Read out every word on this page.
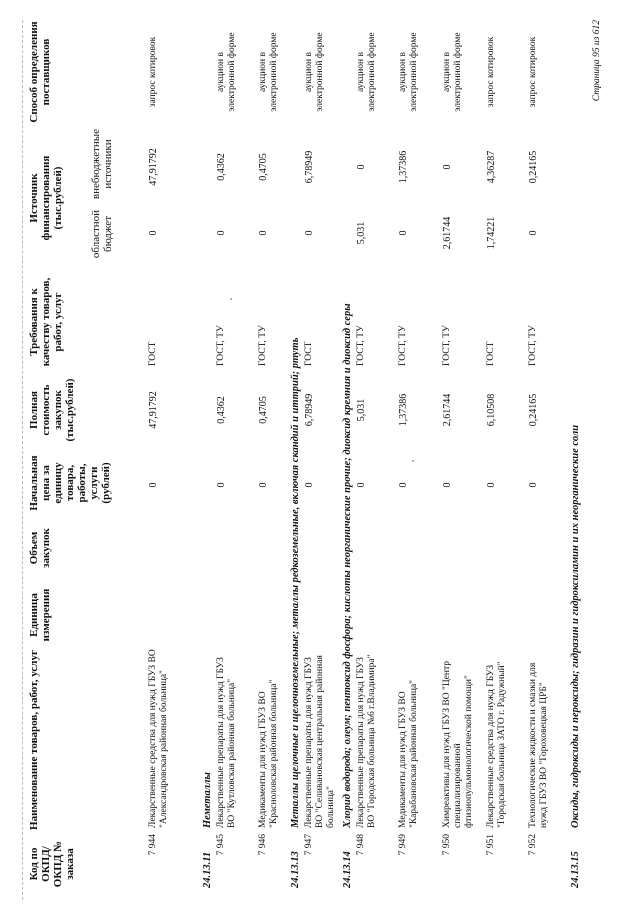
Код по ОКПД/ ОКПД № заказа
Наименование товаров, работ, услуг
Единица измерения
Объем закупок
Начальная цена за единицу товара, работы, услуги (рублей)
Полная стоимость закупок (тыс.рублей)
Требования к качеству товаров, работ, услуг
Источник финансирования (тыс.рублей)
областной бюджет
внебюджетные источники
Способ определения поставщиков
7 944
Лекарственные средства для нужд ГБУЗ ВО "Александровская районная больница"
0
47,91792
ГОСТ
0
47,91792
запрос котировок
24.13.11Неметаллы
7 945
Лекарственные препараты для нужд ГБУЗ ВО "Кутловская районная больница"
0
0,4362
ГОСТ, ТУ
0
0,4362
аукцион в электронной форме
7 946
Медикаменты для нужд ГБУЗ ВО "Красноловская районная больница"
0
0,4705
ГОСТ, ТУ
0
0,4705
аукцион в электронной форме
24.13.13Металлы щелочные и щелочноземельные; металлы редкоземельные, включая скандий и иттрий; ртуть
7 947
Лекарственные препараты для нужд ГБУЗ ВО "Селивановская центральная районная больница"
0
6,78949
ГОСТ
0
6,78949
аукцион в электронной форме
24.13.14Хлорид водорода; олеум; пентоксид фосфора; кислоты неорганические прочие; диоксид кремния и диоксид серы
7 948
Лекарственные препараты для нужд ГБУЗ ВО "Городская больница №6 г.Владимира"
0
5,031
ГОСТ, ТУ
5,031
0
аукцион в электронной форме
7 949
Медикаменты для нужд ГБУЗ ВО "Карабановская районная больница"
0
1,37386
ГОСТ, ТУ
0
1,37386
аукцион в электронной форме
7 950
Химреактивы для нужд ГБУЗ ВО "Центр специализированной фтизиопульмонологической помощи"
0
2,61744
ГОСТ, ТУ
2,61744
0
аукцион в электронной форме
7 951
Лекарственные средства для нужд ГБУЗ "Городская больница ЗАТО г. Радужный"
0
6,10508
ГОСТ
1,74221
4,36287
запрос котировок
7 952
Технологические жидкости и смазки для нужд ГБУЗ ВО "Гороховецкая ЦРБ"
0
0,24165
ГОСТ, ТУ
0
0,24165
запрос котировок
24.13.15Оксиды, гидроксиды и пероксиды; гидразин и гидроксиламин и их неорганические соли
Страница 95 из 612
